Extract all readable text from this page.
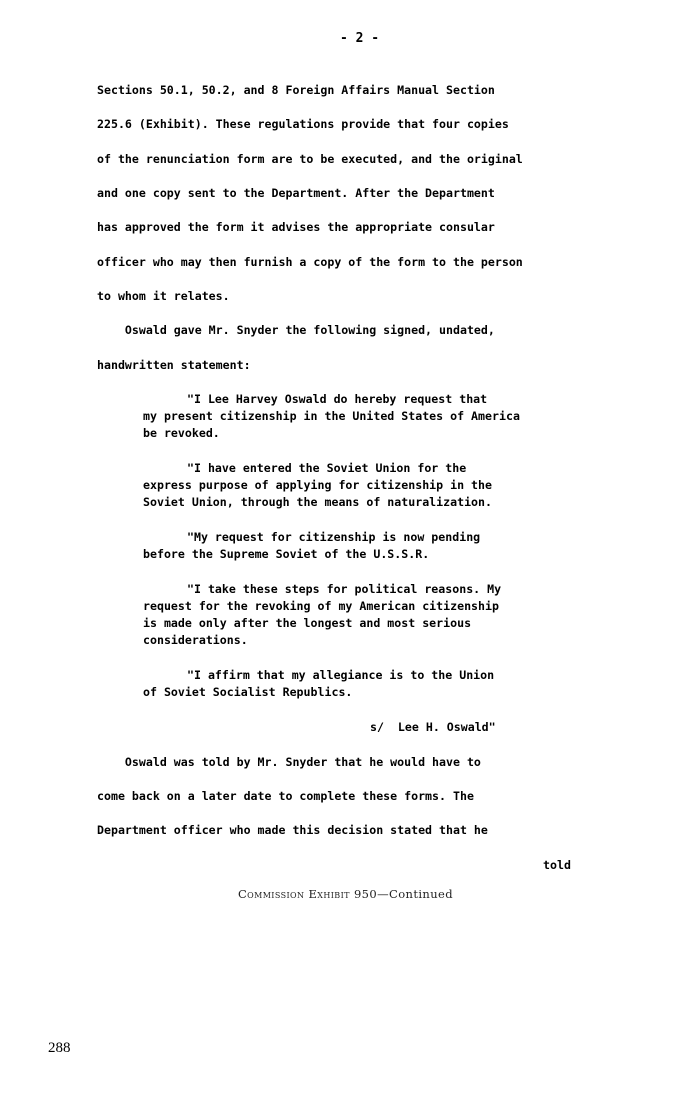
- 2 -
Sections 50.1, 50.2, and 8 Foreign Affairs Manual Section
225.6 (Exhibit). These regulations provide that four copies
of the renunciation form are to be executed, and the original
and one copy sent to the Department. After the Department
has approved the form it advises the appropriate consular
officer who may then furnish a copy of the form to the person
to whom it relates.
Oswald gave Mr. Snyder the following signed, undated,
handwritten statement:
"I Lee Harvey Oswald do hereby request that
my present citizenship in the United States of America
be revoked.
"I have entered the Soviet Union for the
express purpose of applying for citizenship in the
Soviet Union, through the means of naturalization.
"My request for citizenship is now pending
before the Supreme Soviet of the U.S.S.R.
"I take these steps for political reasons. My
request for the revoking of my American citizenship
is made only after the longest and most serious
considerations.
"I affirm that my allegiance is to the Union
of Soviet Socialist Republics.
s/  Lee H. Oswald"
Oswald was told by Mr. Snyder that he would have to
come back on a later date to complete these forms. The
Department officer who made this decision stated that he
told
Commission Exhibit 950—Continued
288
